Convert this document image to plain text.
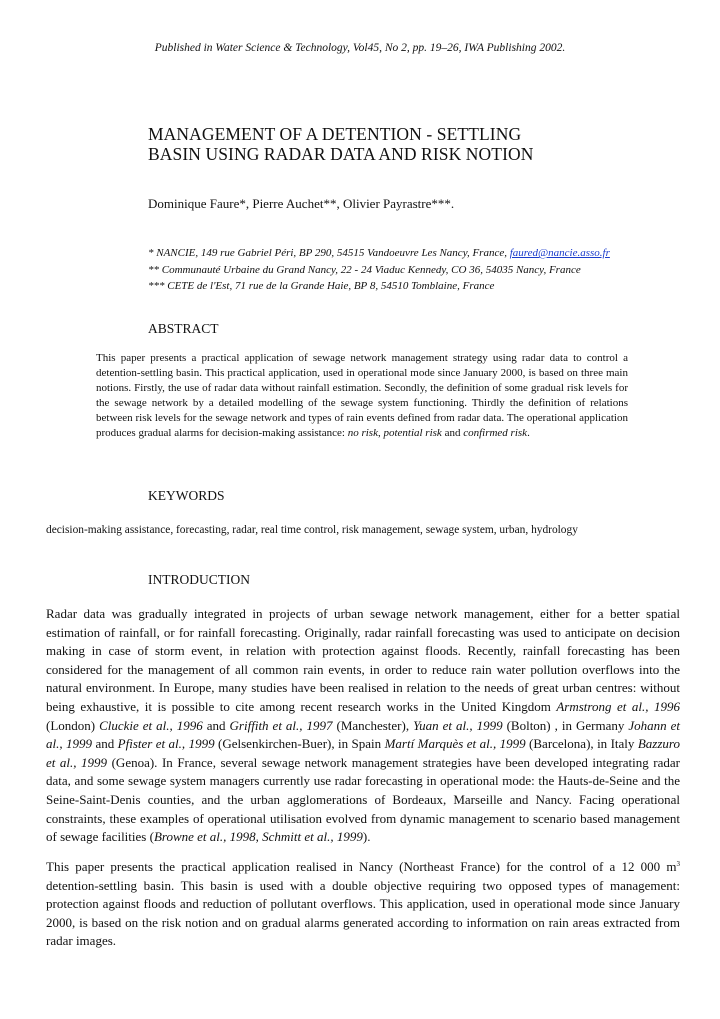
Published in Water Science & Technology, Vol45, No 2, pp. 19–26, IWA Publishing 2002.
MANAGEMENT OF A DETENTION - SETTLING
BASIN USING RADAR DATA AND RISK NOTION
Dominique Faure*, Pierre Auchet**, Olivier Payrastre***.
* NANCIE, 149 rue Gabriel Péri, BP 290, 54515 Vandoeuvre Les Nancy, France, faured@nancie.asso.fr
** Communauté Urbaine du Grand Nancy, 22 - 24 Viaduc Kennedy, CO 36, 54035 Nancy, France
*** CETE de l'Est, 71 rue de la Grande Haie, BP 8, 54510 Tomblaine, France
ABSTRACT
This paper presents a practical application of sewage network management strategy using radar data to control a detention-settling basin. This practical application, used in operational mode since January 2000, is based on three main notions. Firstly, the use of radar data without rainfall estimation. Secondly, the definition of some gradual risk levels for the sewage network by a detailed modelling of the sewage system functioning. Thirdly the definition of relations between risk levels for the sewage network and types of rain events defined from radar data. The operational application produces gradual alarms for decision-making assistance: no risk, potential risk and confirmed risk.
KEYWORDS
decision-making assistance, forecasting, radar, real time control, risk management, sewage system, urban, hydrology
INTRODUCTION

Radar data was gradually integrated in projects of urban sewage network management, either for a better spatial estimation of rainfall, or for rainfall forecasting. Originally, radar rainfall forecasting was used to anticipate on decision making in case of storm event, in relation with protection against floods. Recently, rainfall forecasting has been considered for the management of all common rain events, in order to reduce rain water pollution overflows into the natural environment. In Europe, many studies have been realised in relation to the needs of great urban centres: without being exhaustive, it is possible to cite among recent research works in the United Kingdom Armstrong et al., 1996 (London) Cluckie et al., 1996 and Griffith et al., 1997 (Manchester), Yuan et al., 1999 (Bolton) , in Germany Johann et al., 1999 and Pfister et al., 1999 (Gelsenkirchen-Buer), in Spain Martí Marquès et al., 1999 (Barcelona), in Italy Bazzuro et al., 1999 (Genoa). In France, several sewage network management strategies have been developed integrating radar data, and some sewage system managers currently use radar forecasting in operational mode: the Hauts-de-Seine and the Seine-Saint-Denis counties, and the urban agglomerations of Bordeaux, Marseille and Nancy. Facing operational constraints, these examples of operational utilisation evolved from dynamic management to scenario based management of sewage facilities (Browne et al., 1998, Schmitt et al., 1999).

This paper presents the practical application realised in Nancy (Northeast France) for the control of a 12 000 $m^3$ detention-settling basin. This basin is used with a double objective requiring two opposed types of management: protection against floods and reduction of pollutant overflows. This application, used in operational mode since January 2000, is based on the risk notion and on gradual alarms generated according to information on rain areas extracted from radar images.
